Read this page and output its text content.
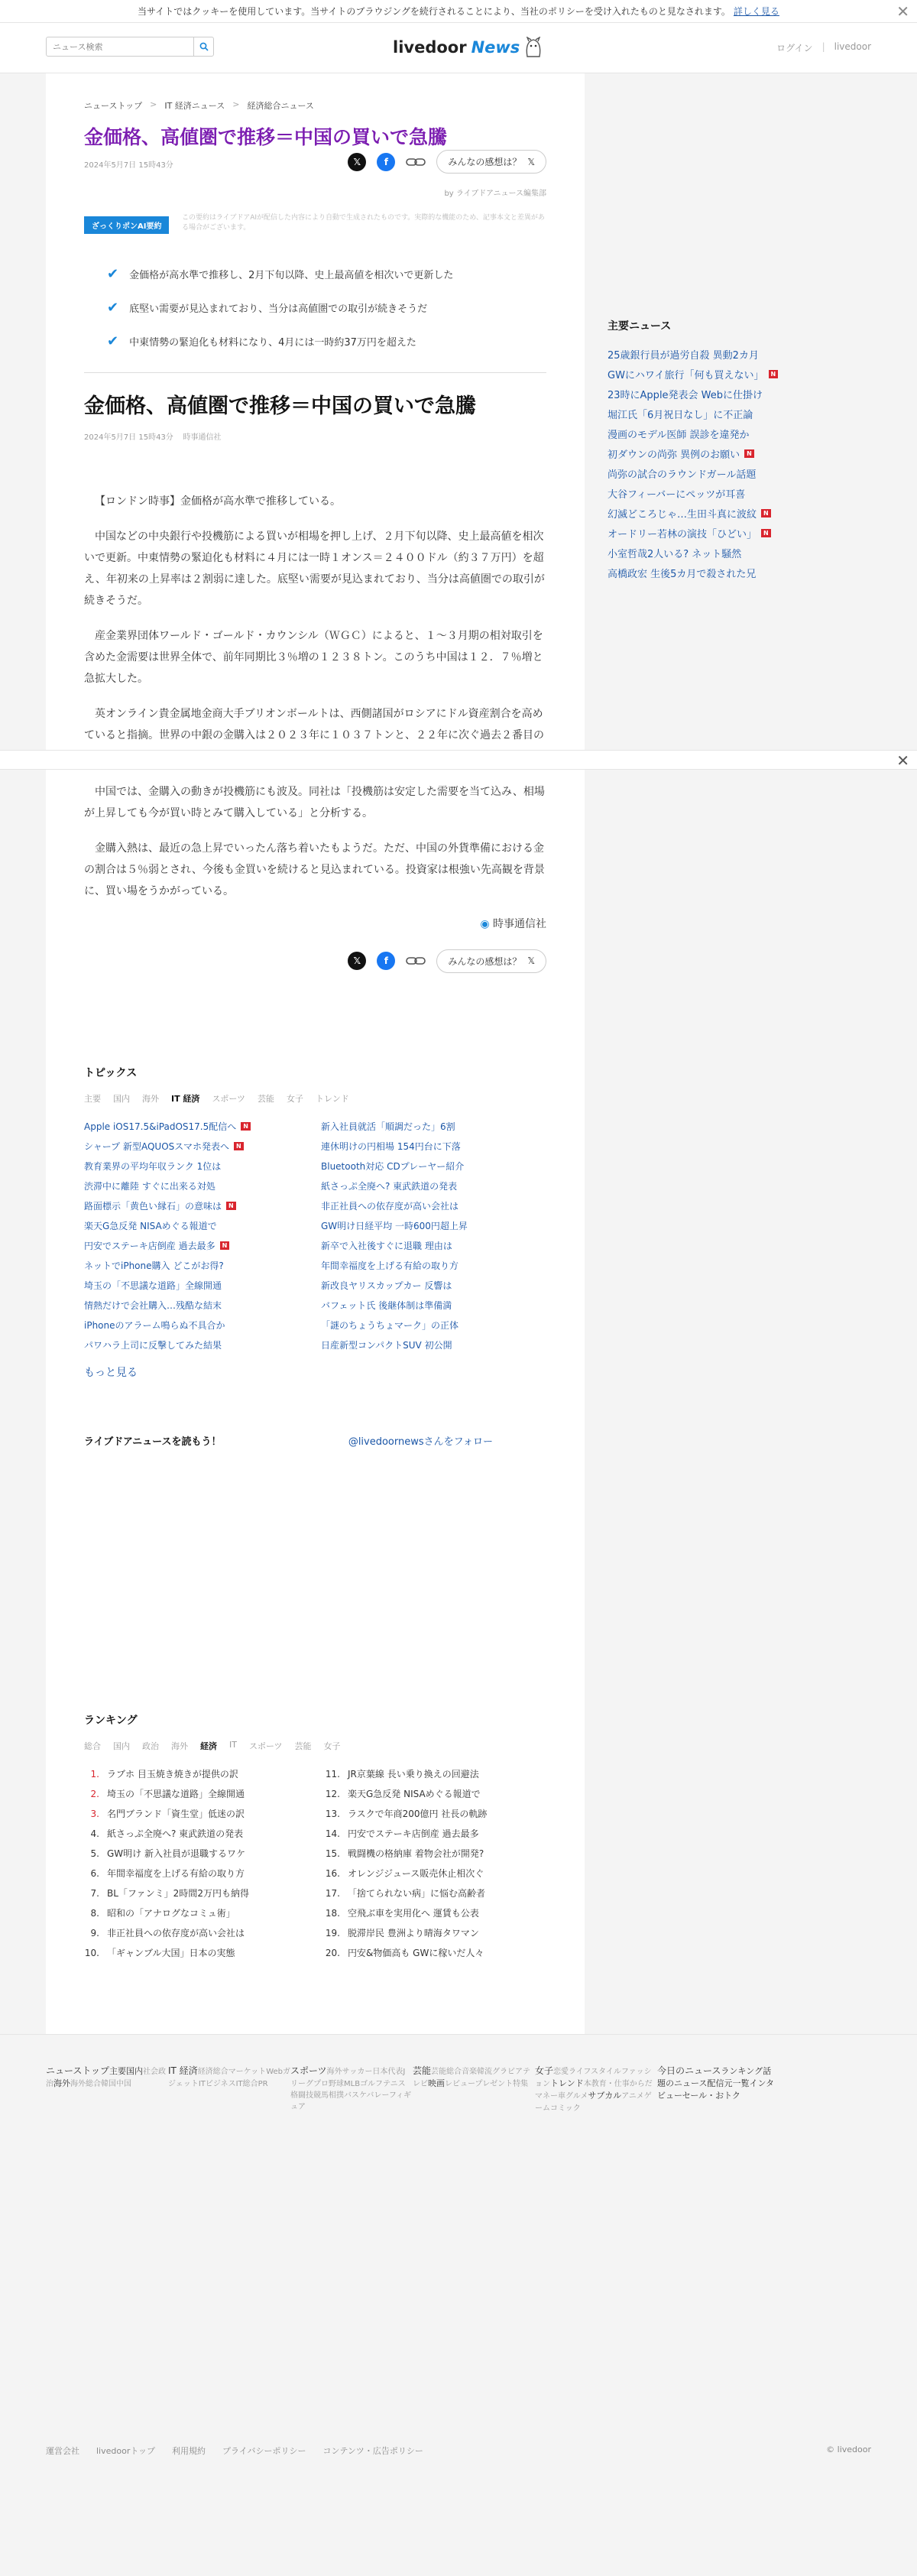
当サイトではクッキーを使用しています。当サイトのブラウジングを続行されることにより、当社のポリシーを受け入れたものと見なされます。 詳しく見る	✕
ニュース検索
livedoor News	ログイン | livedoor
ニューストップ > IT 経済ニュース > 経済総合ニュース
金価格、高値圏で推移＝中国の買いで急騰
2024年5月7日 15時43分	𝕏	f	みんなの感想は？ 𝕏
by ライブドアニュース編集部
ざっくりポンAI要約
この要約はライブドアAIが配信した内容により自動で生成されたものです。実際的な機能のため、記事本文と差異がある場合がございます。
✔ 金価格が高水準で推移し、2月下旬以降、史上最高値を相次いで更新した
✔ 底堅い需要が見込まれており、当分は高値圏での取引が続きそうだ
✔ 中東情勢の緊迫化も材料になり、4月には一時約37万円を超えた
金価格、高値圏で推移＝中国の買いで急騰
2024年5月7日 15時43分 時事通信社

【ロンドン時事】金価格が高水準で推移している。

中国などの中央銀行や投機筋による買いが相場を押し上げ、２月下旬以降、史上最高値を相次いで更新。中東情勢の緊迫化も材料に４月には一時１オンス＝２４００ドル（約３７万円）を超え、年初来の上昇率は２割弱に達した。底堅い需要が見込まれており、当分は高値圏での取引が続きそうだ。

産金業界団体ワールド・ゴールド・カウンシル（ＷＧＣ）によると、１～３月期の相対取引を含めた金需要は世界全体で、前年同期比３％増の１２３８トン。このうち中国は１２．７％増と急拡大した。

英オンライン貴金属地金商大手ブリオンボールトは、西側諸国がロシアにドル資産割合を高めていると指摘。世界の中銀の金購入は２０２３年に１０３７トンと、２２年に次ぐ過去２番目の

中国では、金購入の動きが投機筋にも波及。同社は「投機筋は安定した需要を当て込み、相場が上昇しても今が買い時とみて購入している」と分析する。

金購入熱は、最近の急上昇でいったん落ち着いたもようだ。ただ、中国の外貨準備における金の割合は５％弱とされ、今後も金買いを続けると見込まれている。投資家は根強い先高観を背景に、買い場をうかがっている。

◉ 時事通信社
𝕏	f	みんなの感想は？ 𝕏
トピックス
主要 国内 海外 IT 経済 スポーツ 芸能 女子 トレンド
Apple iOS17.5&iPadOS17.5配信へ	N	新入社員就活「順調だった」6割
シャープ 新型AQUOSスマホ発表へ	N	連休明けの円相場 154円台に下落
教育業界の平均年収ランク 1位は	Bluetooth対応 CDプレーヤー紹介
渋滞中に離陸 すぐに出来る対処	紙さっぷ全廃へ? 東武鉄道の発表
路面標示「黄色い縁石」の意味は	N	非正社員への依存度が高い会社は
楽天G急反発 NISAめぐる報道で	GW明け日経平均 一時600円超上昇
円安でステーキ店倒産 過去最多	N	新卒で入社後すぐに退職 理由は
ネットでiPhone購入 どこがお得?	年間幸福度を上げる有給の取り方
埼玉の「不思議な道路」全線開通	新改良ヤリスカップカー 反響は
情熱だけで会社購入…残酷な結末	バフェット氏 後継体制は準備満
iPhoneのアラーム鳴らぬ不具合か	「謎のちょうちょマーク」の正体
パワハラ上司に反撃してみた結果	日産新型コンパクトSUV 初公開
もっと見る
ライブドアニュースを読もう！	@livedoornewsさんをフォロー
ランキング
総合 国内 政治 海外 経済 IT スポーツ 芸能 女子
1. ラブホ 目玉焼き焼きが提供の訳	11. JR京葉線 長い乗り換えの回避法
2. 埼玉の「不思議な道路」全線開通	12. 楽天G急反発 NISAめぐる報道で
3. 名門ブランド「資生堂」低迷の訳	13. ラスクで年商200億円 社長の軌跡
4. 紙さっぷ全廃へ? 東武鉄道の発表	14. 円安でステーキ店倒産 過去最多
5. GW明け 新入社員が退職するワケ	15. 戦闘機の格納庫 着物会社が開発?
6. 年間幸福度を上げる有給の取り方	16. オレンジジュース販売休止相次ぐ
7. BL「ファンミ」2時間2万円も納得	17. 「捨てられない病」に悩む高齢者
8. 昭和の「アナログなコミュ術」	18. 空飛ぶ車を実用化へ 運賃も公表
9. 非正社員への依存度が高い会社は	19. 脱滞岸民 豊洲より晴海タワマン
10. 「ギャンブル大国」日本の実態	20. 円安&物価高も GWに稼いだ人々
主要ニュース
25歳銀行員が過労自殺 異動2カ月
GWにハワイ旅行「何も買えない」	N
23時にApple発表会 Webに仕掛け
堀江氏「6月祝日なし」に不正論
漫画のモデル医師 誤診を違発か
初ダウンの尚弥 異例のお願い	N
尚弥の試合のラウンドガール話題
大谷フィーバーにペッツが耳喜
幻滅どころじゃ…生田斗真に波紋	N
オードリー若林の演技「ひどい」	N
小室哲哉2人いる? ネット騒然
高橋政宏 生後5カ月で殺された兄
✕
ニューストップ主要国内社会政治海外海外総合韓国中国
IT 経済経済総合マーケットWebガジェットITビジネスIT総合PR
スポーツ海外サッカー日本代表Jリーグプロ野球MLBゴルフテニス格闘技競馬相撲バスケバレーフィギュア
芸能芸能総合音楽韓流グラビアテレビ映画レビュープレゼント特集
女子恋愛ライフスタイルファッショントレンド本教育・仕事からだマネー車グルメサブカルアニメゲームコミック
今日のニュースランキング話題のニュース配信元一覧インタビューセール・おトク
運営会社 livedoorトップ 利用規約 プライバシーポリシー コンテンツ・広告ポリシー	© livedoor
